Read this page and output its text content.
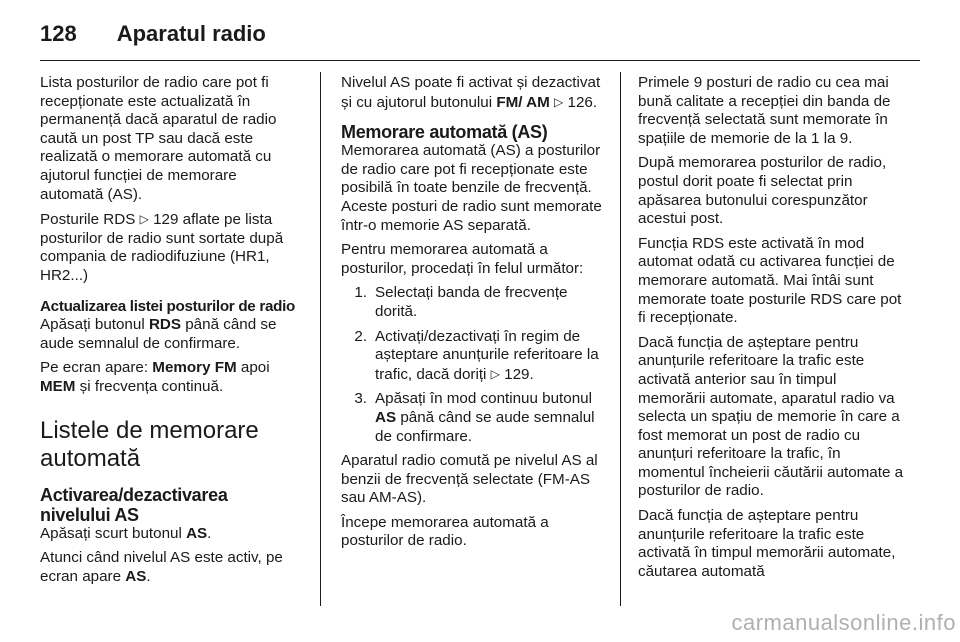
128 Aparatul radio

Lista posturilor de radio care pot fi recepționate este actualizată în permanență dacă aparatul de radio caută un post TP sau dacă este realizată o memorare automată cu ajutorul funcției de memorare automată (AS).

Posturile RDS ▷ 129 aflate pe lista posturilor de radio sunt sortate după compania de radiodifuziune (HR1, HR2...)

Actualizarea listei posturilor de radio

Apăsați butonul RDS până când se aude semnalul de confirmare.

Pe ecran apare: Memory FM apoi MEM și frecvența continuă.

Listele de memorare automată
Activarea/dezactivarea nivelului AS

Apăsați scurt butonul AS.

Atunci când nivelul AS este activ, pe ecran apare AS.

Nivelul AS poate fi activat și dezactivat și cu ajutorul butonului FM/ AM ▷ 126.

Memorare automată (AS)

Memorarea automată (AS) a posturilor de radio care pot fi recepționate este posibilă în toate benzile de frecvență. Aceste posturi de radio sunt memorate într-o memorie AS separată.

Pentru memorarea automată a posturilor, procedați în felul următor:

1. Selectați banda de frecvențe dorită.
2. Activați/dezactivați în regim de așteptare anunțurile referitoare la trafic, dacă doriți ▷ 129.
3. Apăsați în mod continuu butonul AS până când se aude semnalul de confirmare.

Aparatul radio comută pe nivelul AS al benzii de frecvență selectate (FM-AS sau AM-AS).

Începe memorarea automată a posturilor de radio.

Primele 9 posturi de radio cu cea mai bună calitate a recepției din banda de frecvență selectată sunt memorate în spațiile de memorie de la 1 la 9.

După memorarea posturilor de radio, postul dorit poate fi selectat prin apăsarea butonului corespunzător acestui post.

Funcția RDS este activată în mod automat odată cu activarea funcției de memorare automată. Mai întâi sunt memorate toate posturile RDS care pot fi recepționate.

Dacă funcția de așteptare pentru anunțurile referitoare la trafic este activată anterior sau în timpul memorării automate, aparatul radio va selecta un spațiu de memorie în care a fost memorat un post de radio cu anunțuri referitoare la trafic, în momentul încheierii căutării automate a posturilor de radio.

Dacă funcția de așteptare pentru anunțurile referitoare la trafic este activată în timpul memorării automate, căutarea automată

carmanualsonline.info
